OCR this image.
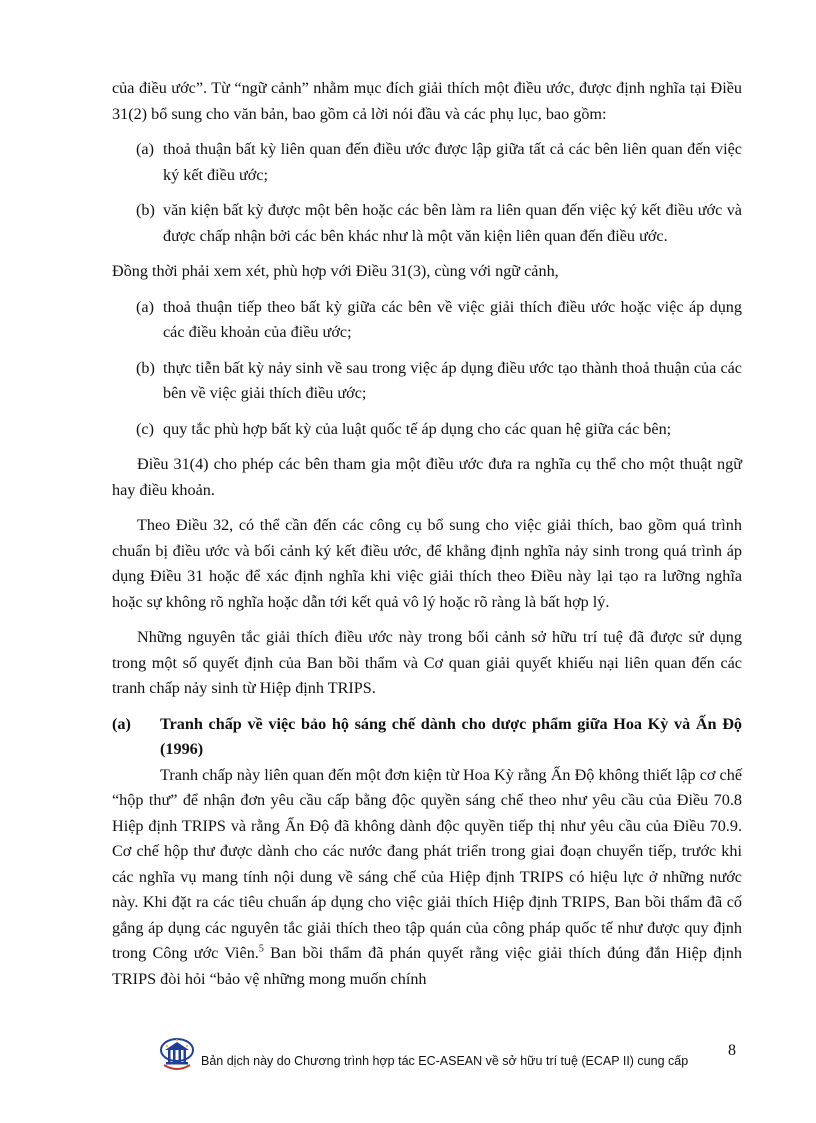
của điều ước”. Từ “ngữ cảnh” nhằm mục đích giải thích một điều ước, được định nghĩa tại Điều 31(2) bổ sung cho văn bản, bao gồm cả lời nói đầu và các phụ lục, bao gồm:

(a) thoả thuận bất kỳ liên quan đến điều ước được lập giữa tất cả các bên liên quan đến việc ký kết điều ước;

(b) văn kiện bất kỳ được một bên hoặc các bên làm ra liên quan đến việc ký kết điều ước và được chấp nhận bởi các bên khác như là một văn kiện liên quan đến điều ước.

Đồng thời phải xem xét, phù hợp với Điều 31(3), cùng với ngữ cảnh,

(a) thoả thuận tiếp theo bất kỳ giữa các bên về việc giải thích điều ước hoặc việc áp dụng các điều khoản của điều ước;

(b) thực tiễn bất kỳ nảy sinh về sau trong việc áp dụng điều ước tạo thành thoả thuận của các bên về việc giải thích điều ước;

(c) quy tắc phù hợp bất kỳ của luật quốc tế áp dụng cho các quan hệ giữa các bên;

Điều 31(4) cho phép các bên tham gia một điều ước đưa ra nghĩa cụ thể cho một thuật ngữ hay điều khoản.

Theo Điều 32, có thể cần đến các công cụ bổ sung cho việc giải thích, bao gồm quá trình chuẩn bị điều ước và bối cảnh ký kết điều ước, để khẳng định nghĩa nảy sinh trong quá trình áp dụng Điều 31 hoặc để xác định nghĩa khi việc giải thích theo Điều này lại tạo ra lưỡng nghĩa hoặc sự không rõ nghĩa hoặc dẫn tới kết quả vô lý hoặc rõ ràng là bất hợp lý.

Những nguyên tắc giải thích điều ước này trong bối cảnh sở hữu trí tuệ đã được sử dụng trong một số quyết định của Ban bồi thẩm và Cơ quan giải quyết khiếu nại liên quan đến các tranh chấp nảy sinh từ Hiệp định TRIPS.

(a)	Tranh chấp về việc bảo hộ sáng chế dành cho dược phẩm giữa Hoa Kỳ và Ấn Độ (1996)

Tranh chấp này liên quan đến một đơn kiện từ Hoa Kỳ rằng Ấn Độ không thiết lập cơ chế “hộp thư” để nhận đơn yêu cầu cấp bằng độc quyền sáng chế theo như yêu cầu của Điều 70.8 Hiệp định TRIPS và rằng Ấn Độ đã không dành độc quyền tiếp thị như yêu cầu của Điều 70.9. Cơ chế hộp thư được dành cho các nước đang phát triển trong giai đoạn chuyển tiếp, trước khi các nghĩa vụ mang tính nội dung về sáng chế của Hiệp định TRIPS có hiệu lực ở những nước này. Khi đặt ra các tiêu chuẩn áp dụng cho việc giải thích Hiệp định TRIPS, Ban bồi thẩm đã cố gắng áp dụng các nguyên tắc giải thích theo tập quán của công pháp quốc tế như được quy định trong Công ước Viên.$^5$ Ban bồi thẩm đã phán quyết rằng việc giải thích đúng đắn Hiệp định TRIPS đòi hỏi “bảo vệ những mong muốn chính

8
Bản dịch này do Chương trình hợp tác EC-ASEAN về sở hữu trí tuệ (ECAP II) cung cấp
